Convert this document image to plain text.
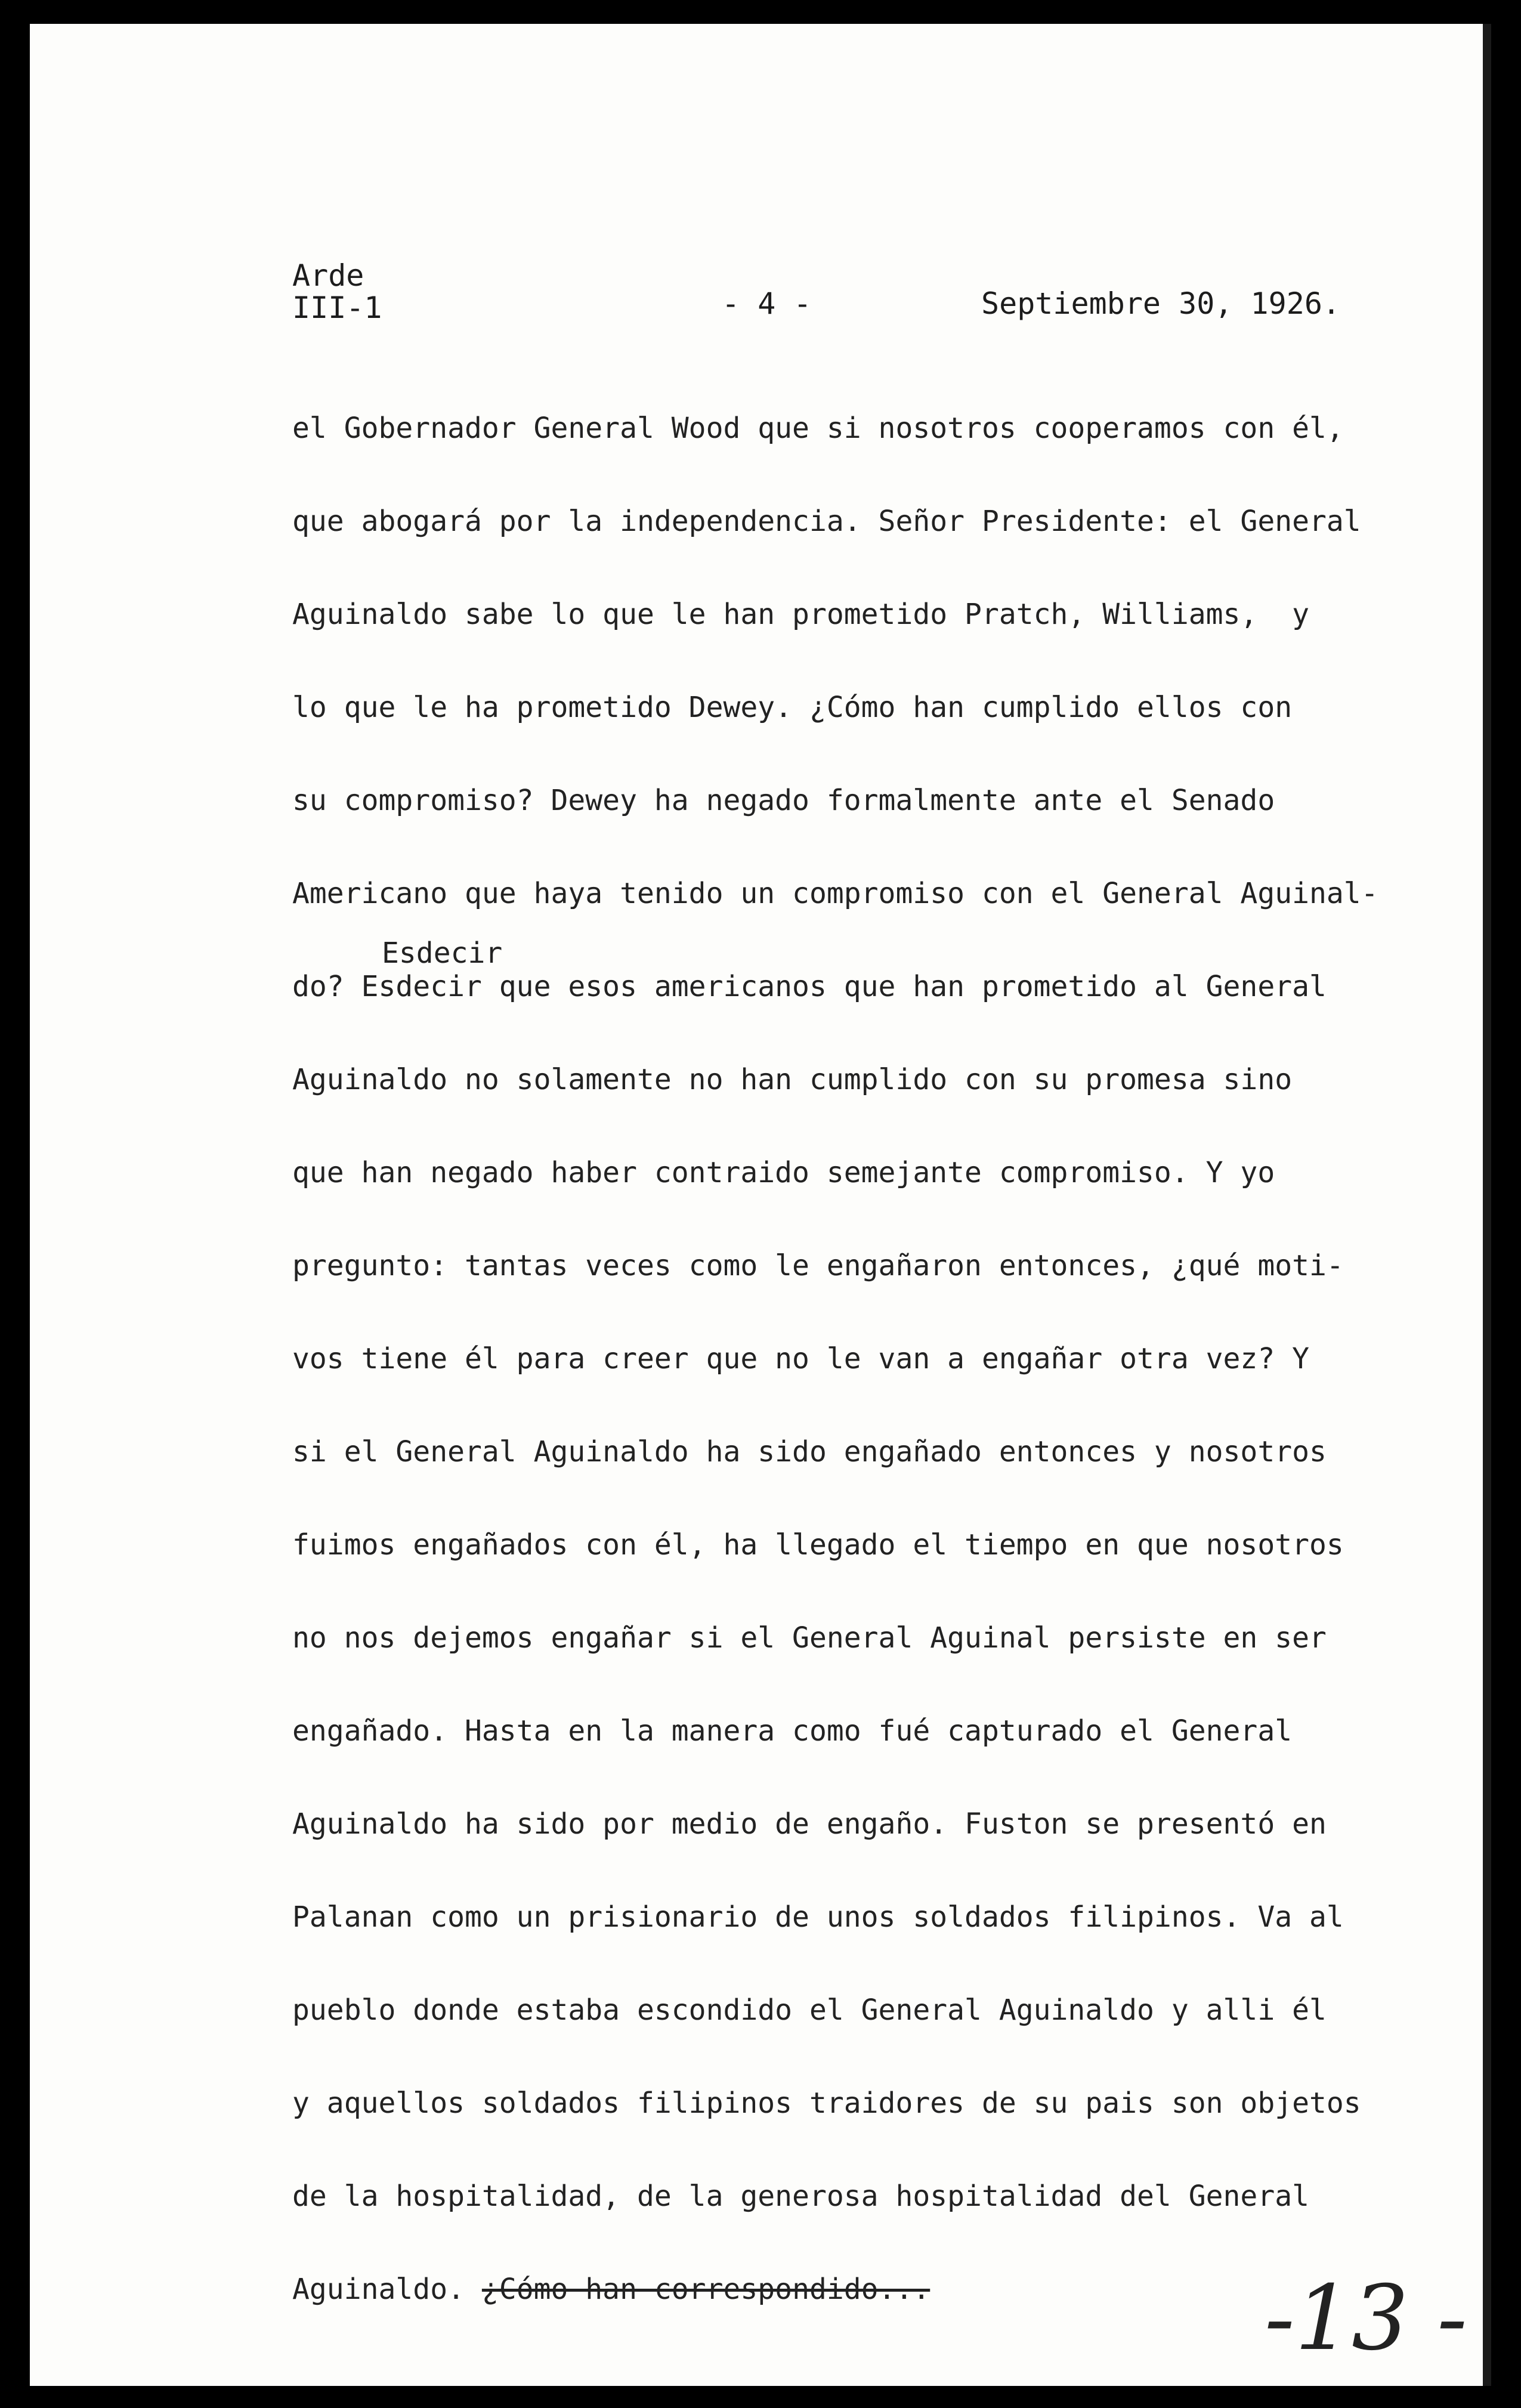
Arde
III-1	- 4 -	Septiembre 30, 1926.
Esdecir
el Gobernador General Wood que si nosotros cooperamos con él,
que abogará por la independencia. Señor Presidente: el General
Aguinaldo sabe lo que le han prometido Pratch, Williams,  y
lo que le ha prometido Dewey. ¿Cómo han cumplido ellos con
su compromiso? Dewey ha negado formalmente ante el Senado
Americano que haya tenido un compromiso con el General Aguinal-
do? Esdecir que esos americanos que han prometido al General
Aguinaldo no solamente no han cumplido con su promesa sino
que han negado haber contraido semejante compromiso. Y yo
pregunto: tantas veces como le engañaron entonces, ¿qué moti-
vos tiene él para creer que no le van a engañar otra vez? Y
si el General Aguinaldo ha sido engañado entonces y nosotros
fuimos engañados con él, ha llegado el tiempo en que nosotros
no nos dejemos engañar si el General Aguinal persiste en ser
engañado. Hasta en la manera como fué capturado el General
Aguinaldo ha sido por medio de engaño. Fuston se presentó en
Palanan como un prisionario de unos soldados filipinos. Va al
pueblo donde estaba escondido el General Aguinaldo y alli él
y aquellos soldados filipinos traidores de su pais son objetos
de la hospitalidad, de la generosa hospitalidad del General
Aguinaldo. ¿Cómo han correspondido...	-13 -
